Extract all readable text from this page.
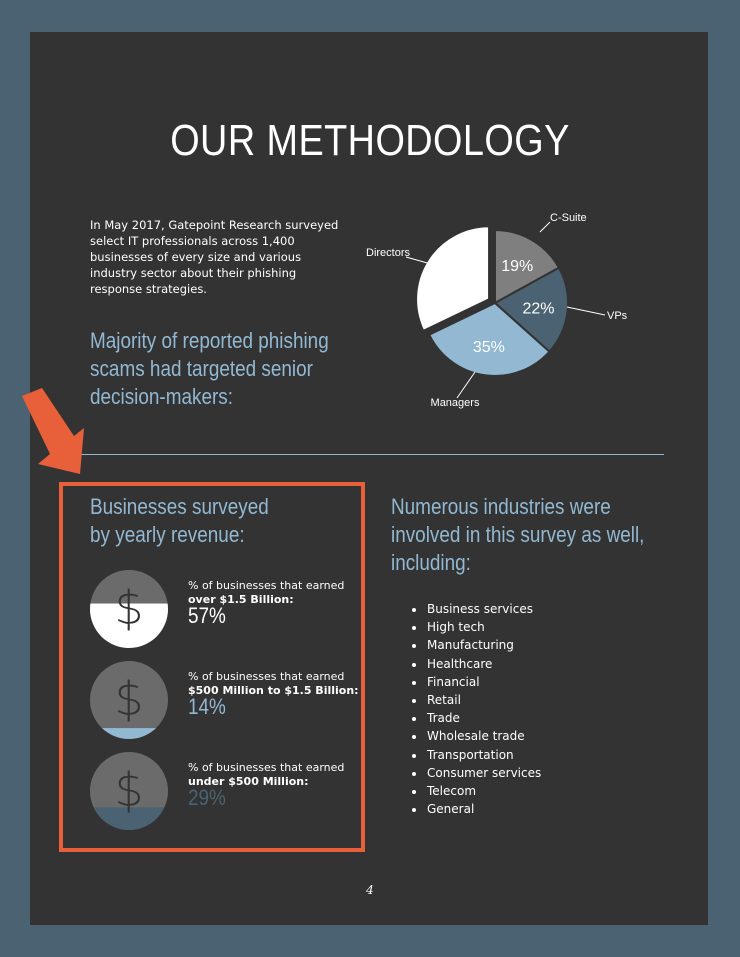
OUR METHODOLOGY
In May 2017, Gatepoint Research surveyed select IT professionals across 1,400 businesses of every size and various industry sector about their phishing response strategies.
Majority of reported phishing scams had targeted senior decision-makers:
19%
C-Suite
22%	VPs
35%
Managers
36%
Directors
Businesses surveyed by yearly revenue:
$	% of businesses that earned over $1.5 Billion:
57%
$	% of businesses that earned $500 Million to $1.5 Billion:
14%
$	% of businesses that earned under $500 Million:
29%
Numerous industries were involved in this survey as well, including:
Business services
High tech
Manufacturing
Healthcare
Financial
Retail
Trade
Wholesale trade
Transportation
Consumer services
Telecom
General
4
